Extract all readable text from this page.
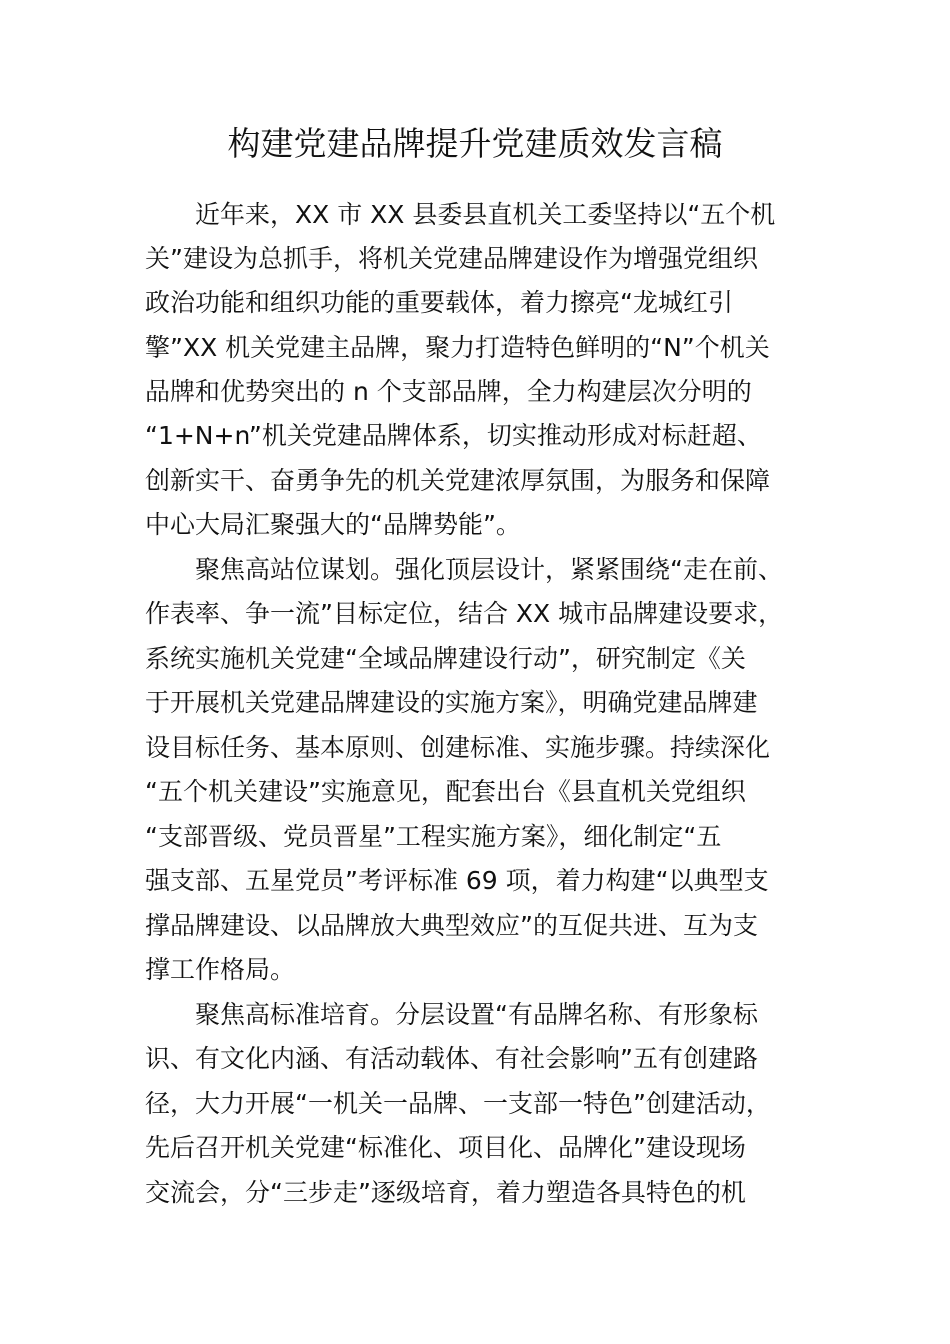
构建党建品牌提升党建质效发言稿

　　近年来，XX 市 XX 县委县直机关工委坚持以“五个机

关”建设为总抓手，将机关党建品牌建设作为增强党组织

政治功能和组织功能的重要载体，着力擦亮“龙城红引

擎”XX 机关党建主品牌，聚力打造特色鲜明的“N”个机关

品牌和优势突出的 n 个支部品牌，全力构建层次分明的

“1+N+n”机关党建品牌体系，切实推动形成对标赶超、

创新实干、奋勇争先的机关党建浓厚氛围，为服务和保障

中心大局汇聚强大的“品牌势能”。

　　聚焦高站位谋划。强化顶层设计，紧紧围绕“走在前、

作表率、争一流”目标定位，结合 XX 城市品牌建设要求，

系统实施机关党建“全域品牌建设行动”，研究制定《关

于开展机关党建品牌建设的实施方案》，明确党建品牌建

设目标任务、基本原则、创建标准、实施步骤。持续深化

“五个机关建设”实施意见，配套出台《县直机关党组织

“支部晋级、党员晋星”工程实施方案》，细化制定“五

强支部、五星党员”考评标准 69 项，着力构建“以典型支

撑品牌建设、以品牌放大典型效应”的互促共进、互为支

撑工作格局。

　　聚焦高标准培育。分层设置“有品牌名称、有形象标

识、有文化内涵、有活动载体、有社会影响”五有创建路

径，大力开展“一机关一品牌、一支部一特色”创建活动，

先后召开机关党建“标准化、项目化、品牌化”建设现场

交流会，分“三步走”逐级培育，着力塑造各具特色的机
